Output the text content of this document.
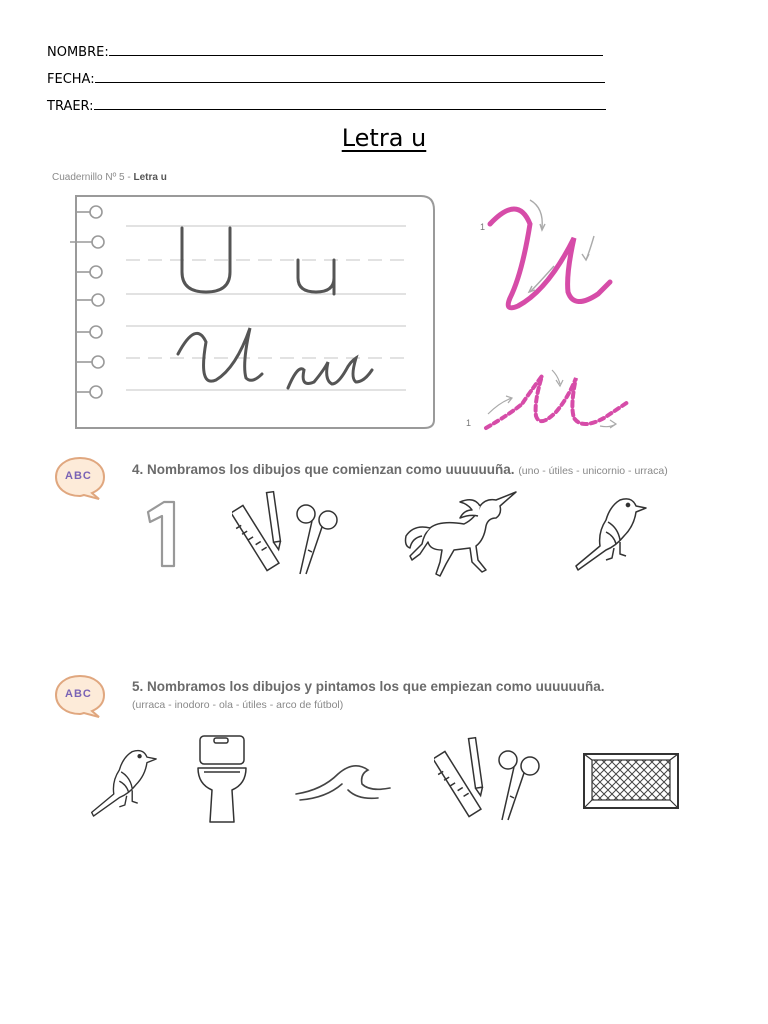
NOMBRE:
FECHA:
TRAER:
Letra u
Cuadernillo Nº 5 - Letra u
1
1
ABC	4. Nombramos los dibujos que comienzan como uuuuuuña. (uno - útiles - unicornio - urraca)
ABC	5. Nombramos los dibujos y pintamos los que empiezan como uuuuuuña.
(urraca - inodoro - ola - útiles - arco de fútbol)
